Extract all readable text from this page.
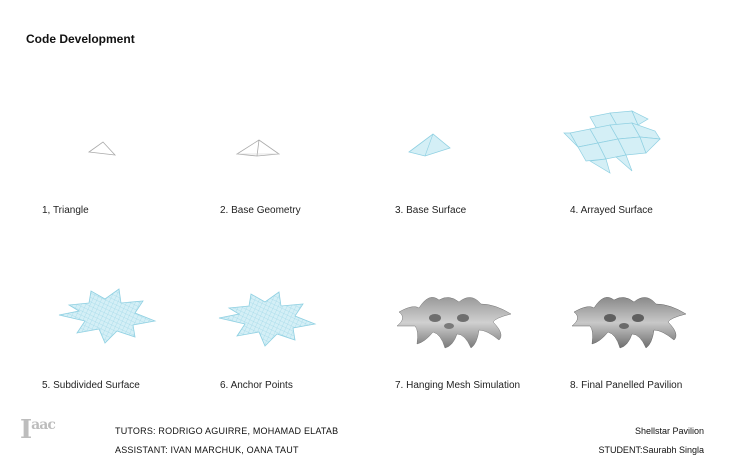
Code Development
1, Triangle	2. Base Geometry	3. Base Surface	4. Arrayed Surface
5. Subdivided Surface	6. Anchor Points	7. Hanging Mesh Simulation	8. Final Panelled Pavilion
$I^{aac}$	TUTORS: RODRIGO AGUIRRE, MOHAMAD ELATAB
ASSISTANT: IVAN MARCHUK, OANA TAUT
Shellstar Pavilion
STUDENT:Saurabh Singla
